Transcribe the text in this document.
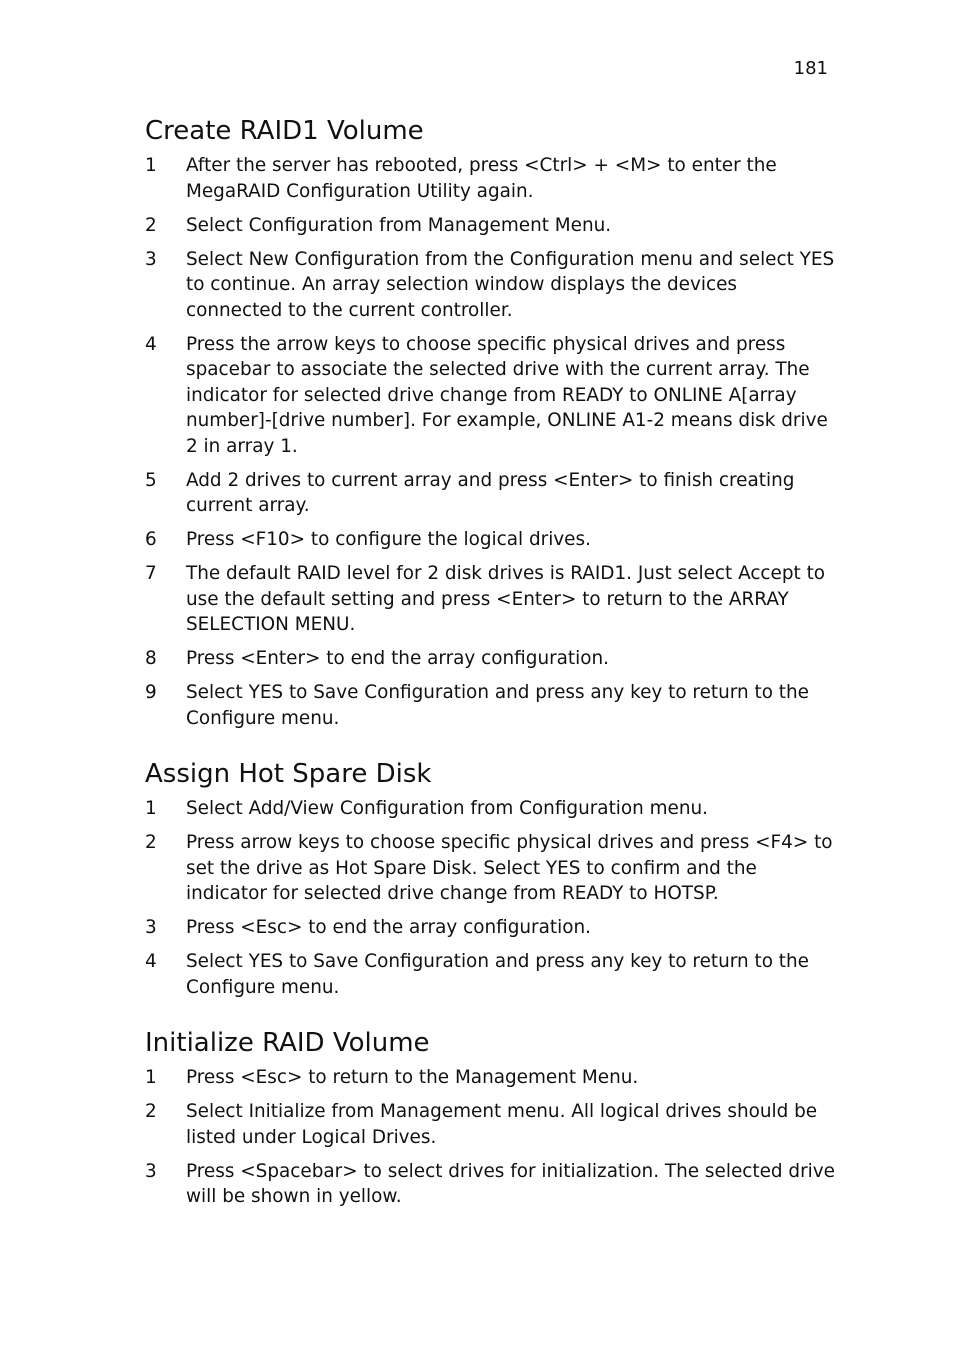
181
Create RAID1 Volume
1	After the server has rebooted, press <Ctrl> + <M> to enter the MegaRAID Configuration Utility again.
2	Select Configuration from Management Menu.
3	Select New Configuration from the Configuration menu and select YES to continue. An array selection window displays the devices connected to the current controller.
4	Press the arrow keys to choose specific physical drives and press spacebar to associate the selected drive with the current array. The indicator for selected drive change from READY to ONLINE A[array number]-[drive number]. For example, ONLINE A1-2 means disk drive 2 in array 1.
5	Add 2 drives to current array and press <Enter> to finish creating current array.
6	Press <F10> to configure the logical drives.
7	The default RAID level for 2 disk drives is RAID1. Just select Accept to use the default setting and press <Enter> to return to the ARRAY SELECTION MENU.
8	Press <Enter> to end the array configuration.
9	Select YES to Save Configuration and press any key to return to the Configure menu.
Assign Hot Spare Disk
1	Select Add/View Configuration from Configuration menu.
2	Press arrow keys to choose specific physical drives and press <F4> to set the drive as Hot Spare Disk. Select YES to confirm and the indicator for selected drive change from READY to HOTSP.
3	Press <Esc> to end the array configuration.
4	Select YES to Save Configuration and press any key to return to the Configure menu.
Initialize RAID Volume
1	Press <Esc> to return to the Management Menu.
2	Select Initialize from Management menu. All logical drives should be listed under Logical Drives.
3	Press <Spacebar> to select drives for initialization. The selected drive will be shown in yellow.
